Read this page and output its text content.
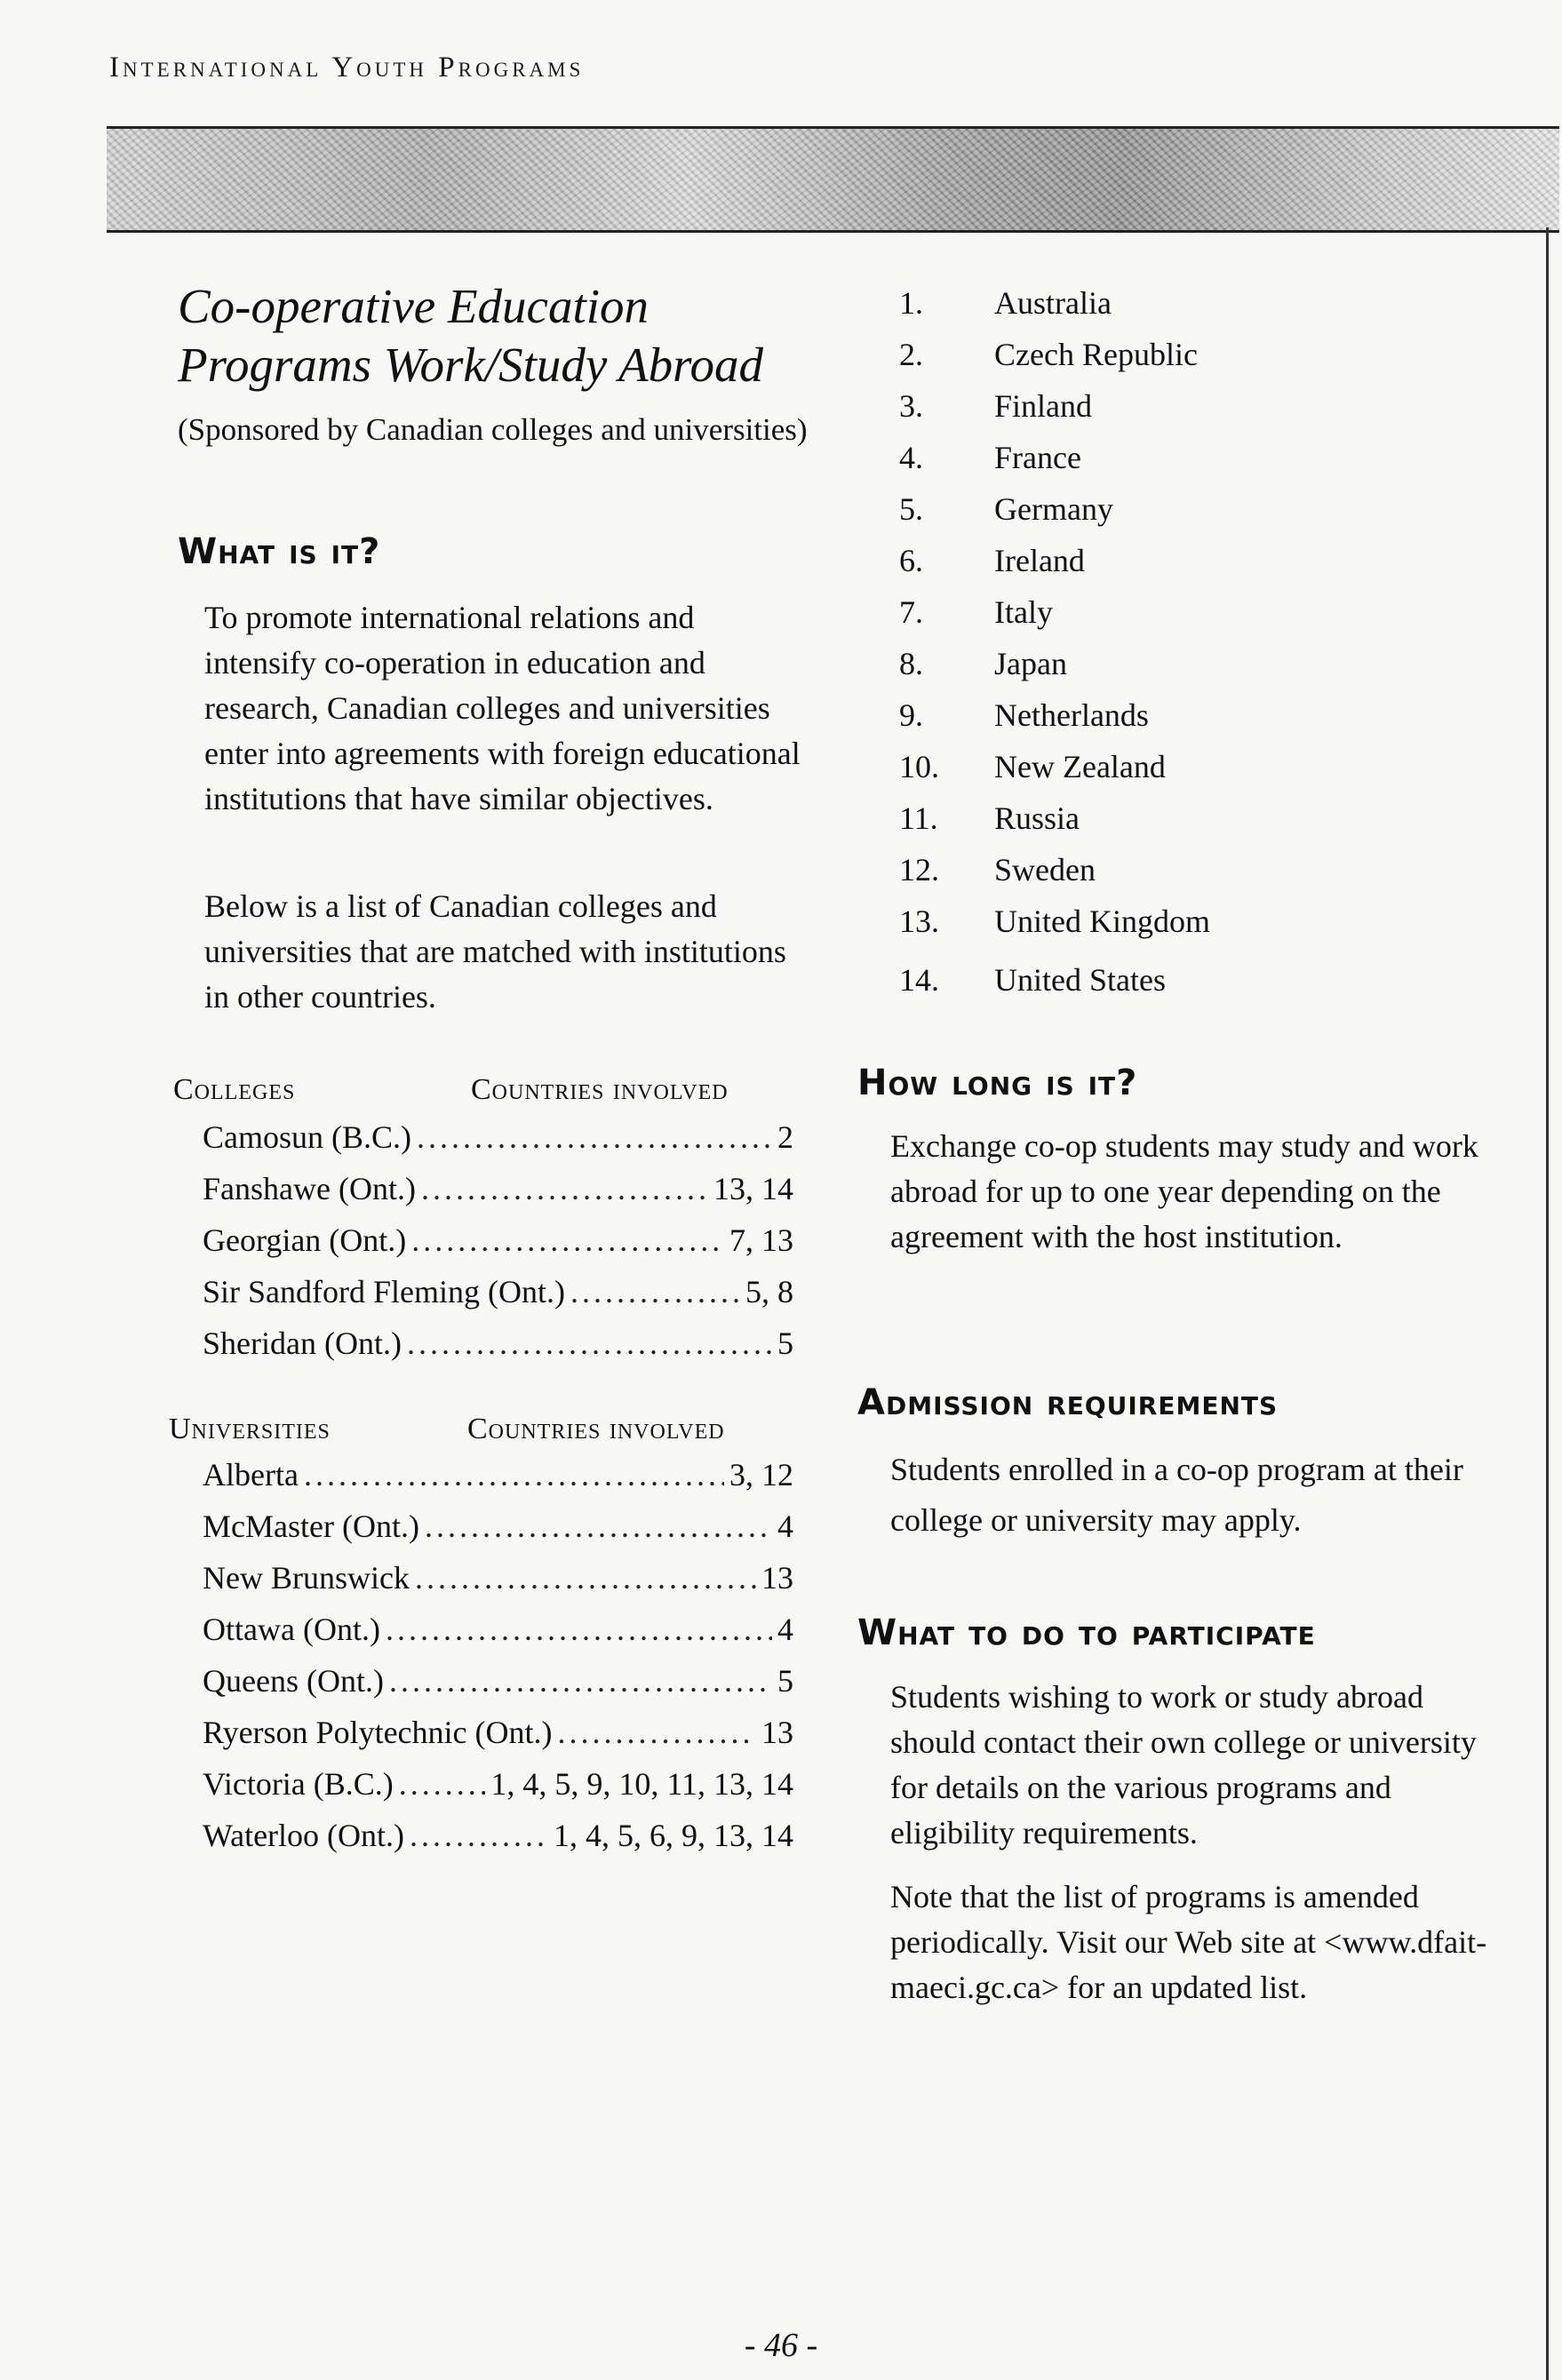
International Youth Programs
Co-operative Education Programs Work/Study Abroad
(Sponsored by Canadian colleges and universities)
What is it?
To promote international relations and intensify co-operation in education and research, Canadian colleges and universities enter into agreements with foreign educational institutions that have similar objectives.
Below is a list of Canadian colleges and universities that are matched with institutions in other countries.
Colleges	Countries involved
Camosun (B.C.) .....	2
Fanshawe (Ont.) .....	13, 14
Georgian (Ont.) .....	7, 13
Sir Sandford Fleming (Ont.) .....	5, 8
Sheridan (Ont.) .....	5
Universities	Countries involved
Alberta .....	3, 12
McMaster (Ont.) .....	4
New Brunswick .....	13
Ottawa (Ont.) .....	4
Queens (Ont.) .....	5
Ryerson Polytechnic (Ont.) .....	13
Victoria (B.C.) .....	1, 4, 5, 9, 10, 11, 13, 14
Waterloo (Ont.) .....	1, 4, 5, 6, 9, 13, 14
1.	Australia
2.	Czech Republic
3.	Finland
4.	France
5.	Germany
6.	Ireland
7.	Italy
8.	Japan
9.	Netherlands
10.	New Zealand
11.	Russia
12.	Sweden
13.	United Kingdom
14.	United States
How long is it?
Exchange co-op students may study and work abroad for up to one year depending on the agreement with the host institution.
Admission requirements
Students enrolled in a co-op program at their college or university may apply.
What to do to participate
Students wishing to work or study abroad should contact their own college or university for details on the various programs and eligibility requirements.
Note that the list of programs is amended periodically. Visit our Web site at <www.dfait-maeci.gc.ca> for an updated list.
- 46 -
